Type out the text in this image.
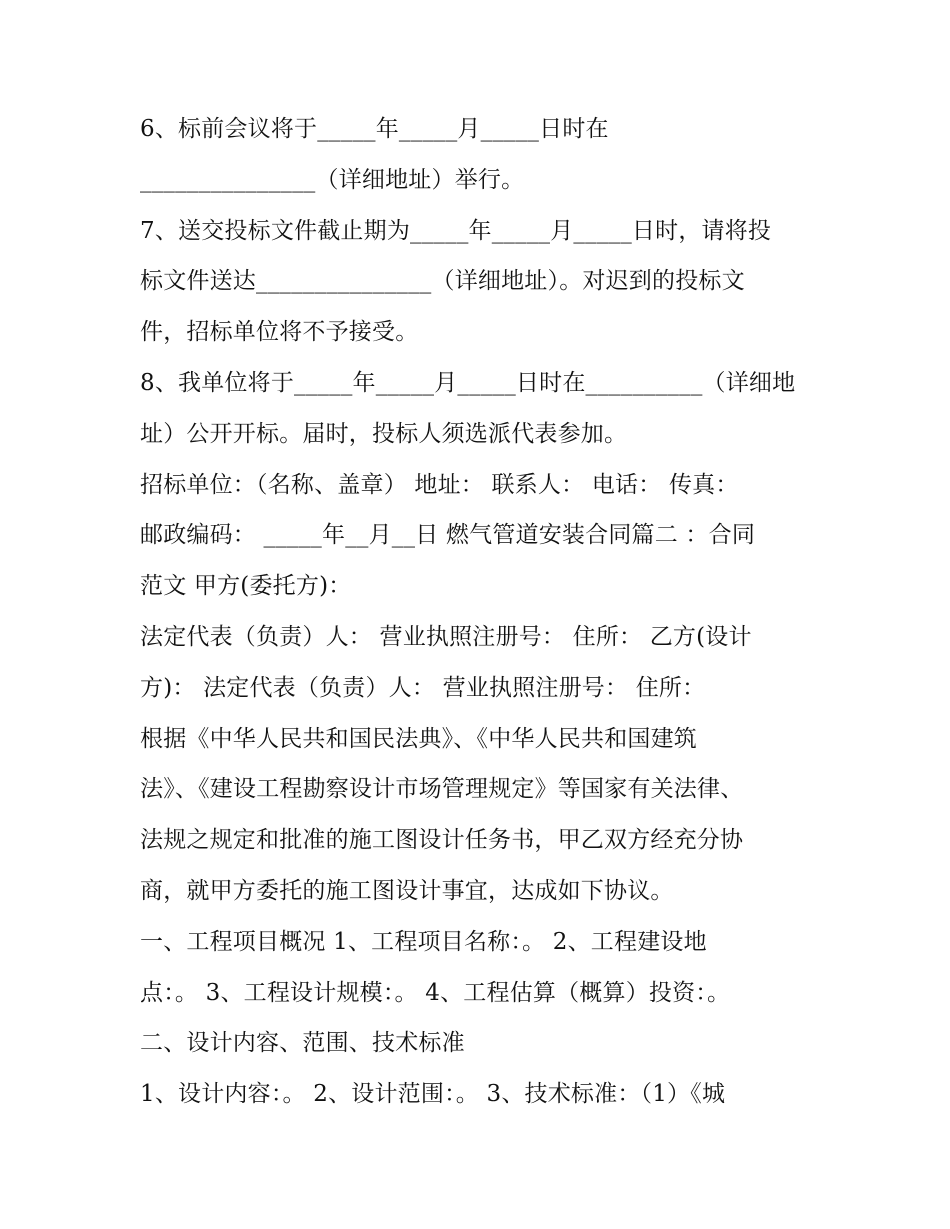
6、标前会议将于_____年_____月_____日时在
_______________（详细地址）举行。
7、送交投标文件截止期为_____年_____月_____日时，请将投
标文件送达_______________（详细地址）。对迟到的投标文
件，招标单位将不予接受。
8、我单位将于_____年_____月_____日时在__________（详细地
址）公开开标。届时，投标人须选派代表参加。
招标单位：（名称、盖章） 地址： 联系人： 电话： 传真：
邮政编码： _____年__月__日 燃气管道安装合同篇二 ：合同
范文 甲方(委托方)：
法定代表（负责）人： 营业执照注册号： 住所： 乙方(设计
方)： 法定代表（负责）人： 营业执照注册号： 住所：
根据《中华人民共和国民法典》、《中华人民共和国建筑
法》、《建设工程勘察设计市场管理规定》等国家有关法律、
法规之规定和批准的施工图设计任务书，甲乙双方经充分协
商，就甲方委托的施工图设计事宜，达成如下协议。
一、工程项目概况 1、工程项目名称：。 2、工程建设地
点：。 3、工程设计规模：。 4、工程估算（概算）投资：。
二、设计内容、范围、技术标准
1、设计内容：。 2、设计范围：。 3、技术标准：（1）《城
